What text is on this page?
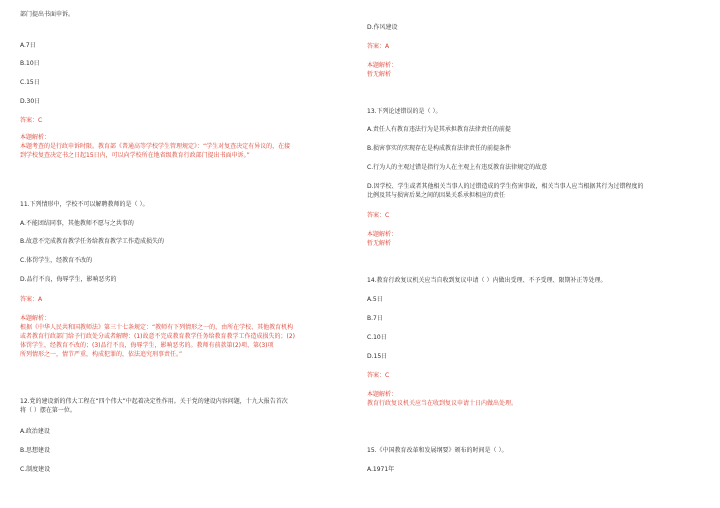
部门提出书面申诉。
A.7日
B.10日
C.15日
D.30日
答案：C
本题解析：
本题考查的是行政申诉时限。教育部《普通高等学校学生管理规定》：“学生对复查决定有异议的，在接
到学校复查决定书之日起15日内，可以向学校所在地省级教育行政部门提出书面申诉。”
11.下列情形中，学校不可以解聘教师的是（ ）。
A.不能团结同事，其他教师不愿与之共事的
B.故意不完成教育教学任务给教育教学工作造成损失的
C.体罚学生，经教育不改的
D.品行不良，侮辱学生，影响恶劣的
答案：A
本题解析：
根据《中华人民共和国教师法》第三十七条规定：“教师有下列情形之一的，由所在学校、其他教育机构
或者教育行政部门给予行政处分或者解聘：(1)故意不完成教育教学任务给教育教学工作造成损失的；(2)
体罚学生，经教育不改的；(3)品行不良，侮辱学生，影响恶劣的。教师有前款第(2)项、第(3)项
所列情形之一，情节严重，构成犯罪的，依法追究刑事责任。”
12.党的建设新的伟大工程在“四个伟大”中起着决定性作用。关于党的建设内容问题，十九大报告首次
将（ ）摆在第一位。
A.政治建设
B.思想建设
C.制度建设
D.作风建设
答案：A
本题解析：
暂无解析
13.下列论述错误的是（ ）。
A.责任人有教育违法行为是其承担教育法律责任的前提
B.损害事实的实现存在是构成教育法律责任的前提条件
C.行为人的主观过错是指行为人在主观上有违反教育法律规定的故意
D.因学校、学生或者其他相关当事人的过错造成的学生伤害事故，相关当事人应当根据其行为过错程度的
比例及其与损害后果之间的因果关系承担相应的责任
答案：C
本题解析：
暂无解析
14.教育行政复议机关应当自收到复议申请（ ）内做出受理、不予受理、限期补正等处理。
A.5日
B.7日
C.10日
D.15日
答案：C
本题解析：
教育行政复议机关应当在收到复议申请十日内做出处理。
15.《中国教育改革和发展纲要》颁布的时间是（ ）。
A.1971年
